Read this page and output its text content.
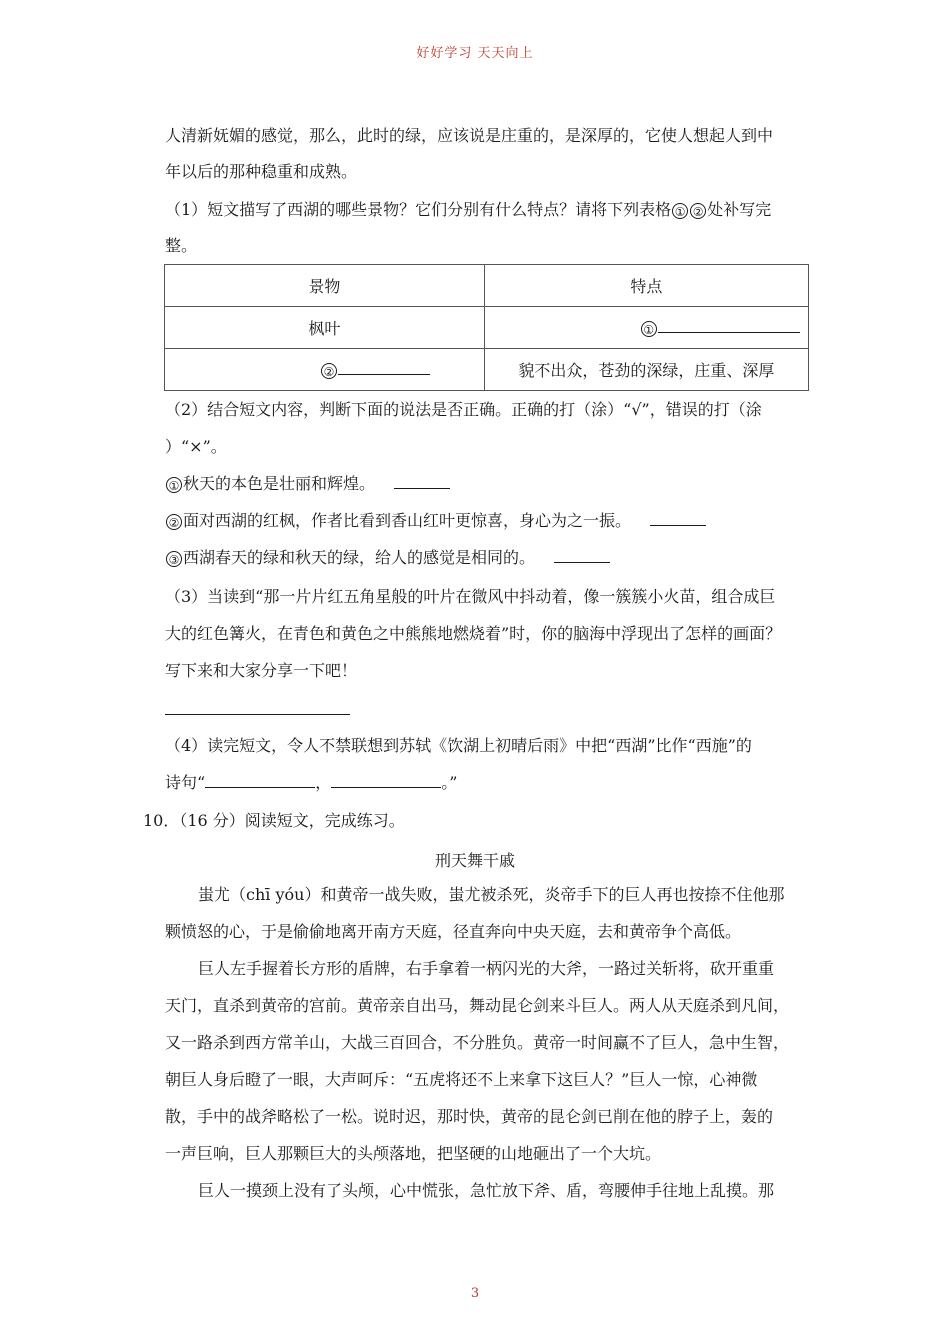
好好学习 天天向上
人清新妩媚的感觉，那么，此时的绿，应该说是庄重的，是深厚的，它使人想起人到中
年以后的那种稳重和成熟。
（1）短文描写了西湖的哪些景物？它们分别有什么特点？请将下列表格 ① ② 处补写完
整。
景物	特点
枫叶	①
②	貌不出众，苍劲的深绿，庄重、深厚
（2）结合短文内容，判断下面的说法是否正确。正确的打（涂）“√”，错误的打（涂
）“×”。
① 秋天的本色是壮丽和辉煌。
② 面对西湖的红枫，作者比看到香山红叶更惊喜，身心为之一振。
③ 西湖春天的绿和秋天的绿，给人的感觉是相同的。
（3）当读到“那一片片红五角星般的叶片在微风中抖动着，像一簇簇小火苗，组合成巨
大的红色篝火，在青色和黄色之中熊熊地燃烧着”时，你的脑海中浮现出了怎样的画面？
写下来和大家分享一下吧！
（4）读完短文，令人不禁联想到苏轼《饮湖上初晴后雨》中把“西湖”比作“西施”的
诗句“	，	。”
10．（16 分）阅读短文，完成练习。
刑天舞干戚
蚩尤（chī yóu）和黄帝一战失败，蚩尤被杀死，炎帝手下的巨人再也按捺不住他那
颗愤怒的心，于是偷偷地离开南方天庭，径直奔向中央天庭，去和黄帝争个高低。
巨人左手握着长方形的盾牌，右手拿着一柄闪光的大斧，一路过关斩将，砍开重重
天门，直杀到黄帝的宫前。黄帝亲自出马，舞动昆仑剑来斗巨人。两人从天庭杀到凡间，
又一路杀到西方常羊山，大战三百回合，不分胜负。黄帝一时间赢不了巨人，急中生智，
朝巨人身后瞪了一眼，大声呵斥：“五虎将还不上来拿下这巨人？”巨人一惊，心神微
散，手中的战斧略松了一松。说时迟，那时快，黄帝的昆仑剑已削在他的脖子上，轰的
一声巨响，巨人那颗巨大的头颅落地，把坚硬的山地砸出了一个大坑。
巨人一摸颈上没有了头颅，心中慌张，急忙放下斧、盾，弯腰伸手往地上乱摸。那
3
